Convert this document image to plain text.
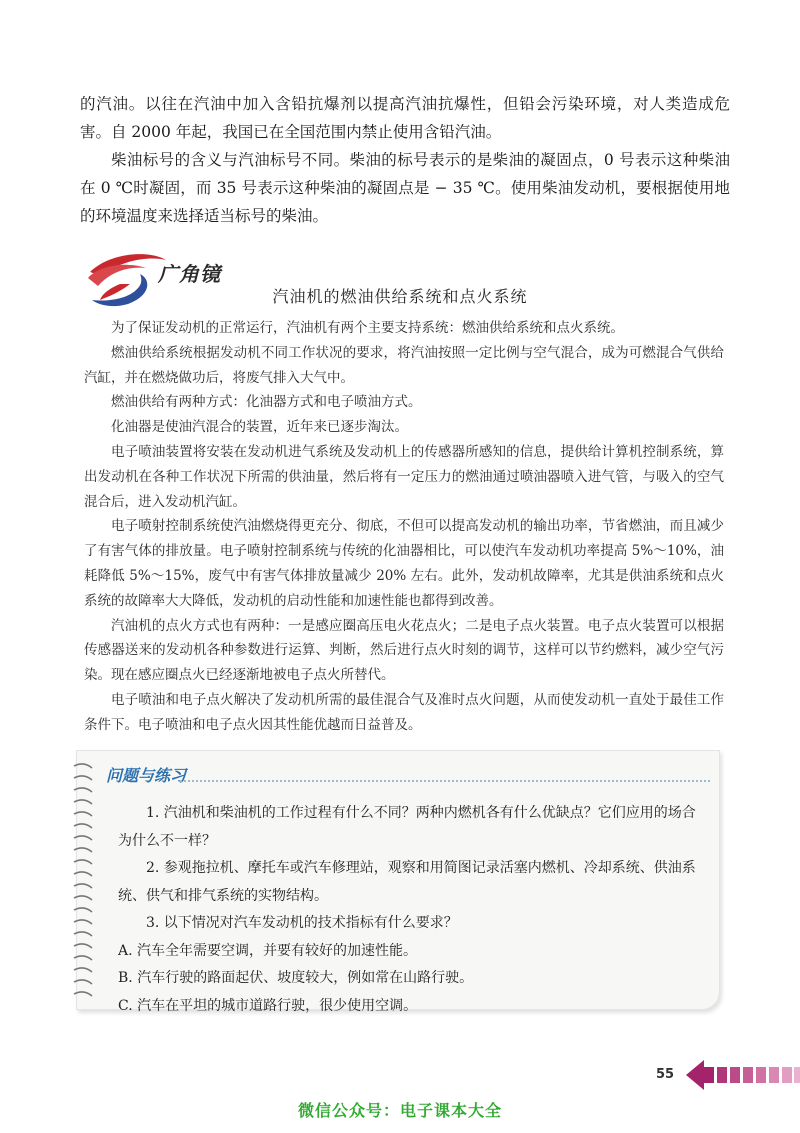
的汽油。以往在汽油中加入含铅抗爆剂以提高汽油抗爆性，但铅会污染环境，对人类造成危害。自 2000 年起，我国已在全国范围内禁止使用含铅汽油。

柴油标号的含义与汽油标号不同。柴油的标号表示的是柴油的凝固点，0 号表示这种柴油在 0 ℃时凝固，而 35 号表示这种柴油的凝固点是 − 35 ℃。使用柴油发动机，要根据使用地的环境温度来选择适当标号的柴油。

广角镜
汽油机的燃油供给系统和点火系统

为了保证发动机的正常运行，汽油机有两个主要支持系统：燃油供给系统和点火系统。

燃油供给系统根据发动机不同工作状况的要求，将汽油按照一定比例与空气混合，成为可燃混合气供给汽缸，并在燃烧做功后，将废气排入大气中。

燃油供给有两种方式：化油器方式和电子喷油方式。

化油器是使油汽混合的装置，近年来已逐步淘汰。

电子喷油装置将安装在发动机进气系统及发动机上的传感器所感知的信息，提供给计算机控制系统，算出发动机在各种工作状况下所需的供油量，然后将有一定压力的燃油通过喷油器喷入进气管，与吸入的空气混合后，进入发动机汽缸。

电子喷射控制系统使汽油燃烧得更充分、彻底，不但可以提高发动机的输出功率，节省燃油，而且减少了有害气体的排放量。电子喷射控制系统与传统的化油器相比，可以使汽车发动机功率提高 5%～10%，油耗降低 5%～15%，废气中有害气体排放量减少 20% 左右。此外，发动机故障率，尤其是供油系统和点火系统的故障率大大降低，发动机的启动性能和加速性能也都得到改善。

汽油机的点火方式也有两种：一是感应圈高压电火花点火；二是电子点火装置。电子点火装置可以根据传感器送来的发动机各种参数进行运算、判断，然后进行点火时刻的调节，这样可以节约燃料，减少空气污染。现在感应圈点火已经逐渐地被电子点火所替代。

电子喷油和电子点火解决了发动机所需的最佳混合气及准时点火问题，从而使发动机一直处于最佳工作条件下。电子喷油和电子点火因其性能优越而日益普及。

问题与练习

1. 汽油机和柴油机的工作过程有什么不同？两种内燃机各有什么优缺点？它们应用的场合为什么不一样？

2. 参观拖拉机、摩托车或汽车修理站，观察和用简图记录活塞内燃机、冷却系统、供油系统、供气和排气系统的实物结构。

3. 以下情况对汽车发动机的技术指标有什么要求？

A. 汽车全年需要空调，并要有较好的加速性能。

B. 汽车行驶的路面起伏、坡度较大，例如常在山路行驶。

C. 汽车在平坦的城市道路行驶，很少使用空调。

55
微信公众号：电子课本大全
